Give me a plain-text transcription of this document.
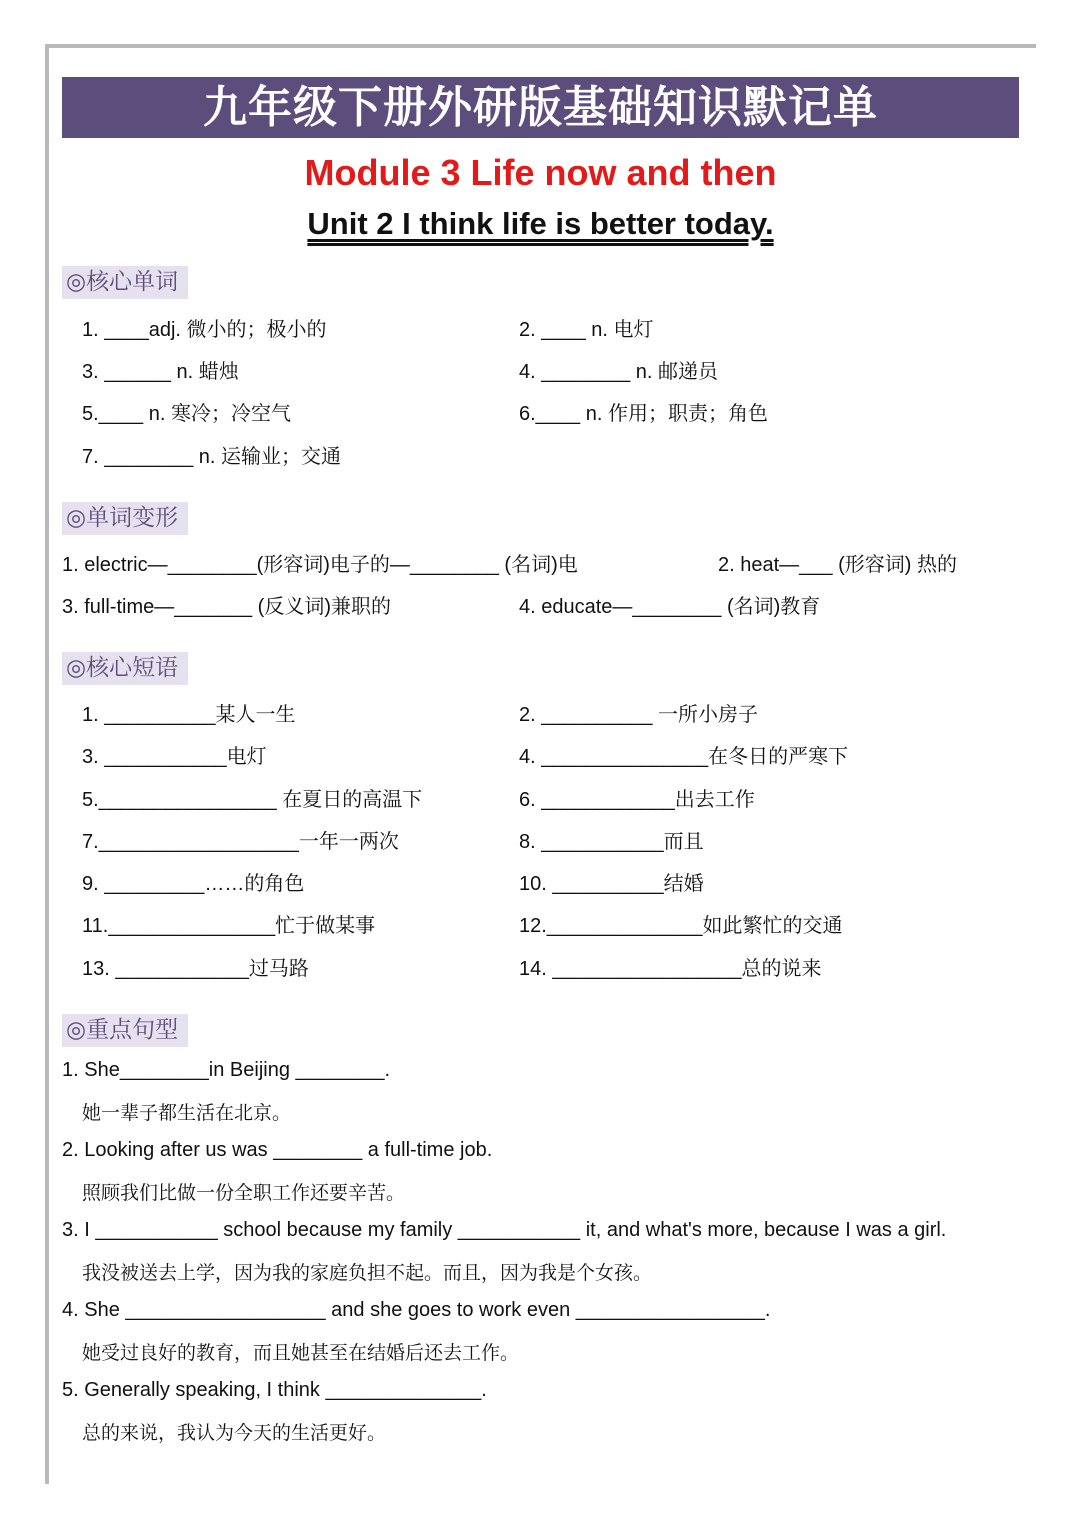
九年级下册外研版基础知识默记单
Module 3 Life now and then
Unit 2 I think life is better today.
◎核心单词
1. ____adj. 微小的；极小的	2. ____ n. 电灯
3. ______ n. 蜡烛	4. ________ n. 邮递员
5.____ n. 寒冷；冷空气	6.____ n. 作用；职责；角色
7. ________ n. 运输业；交通
◎单词变形
1. electric—________(形容词)电子的—________ (名词)电	2. heat—___ (形容词) 热的
3. full-time—_______ (反义词)兼职的	4. educate—________ (名词)教育
◎核心短语
1. __________某人一生	2. __________ 一所小房子
3. ___________电灯	4. _______________在冬日的严寒下
5.________________ 在夏日的高温下	6. ____________出去工作
7.__________________一年一两次	8. ___________而且
9. _________……的角色	10. __________结婚
11._______________忙于做某事	12.______________如此繁忙的交通
13. ____________过马路	14. _________________总的说来
◎重点句型
1. She________in Beijing ________.
她一辈子都生活在北京。
2. Looking after us was ________ a full-time job.
照顾我们比做一份全职工作还要辛苦。
3. I ___________ school because my family ___________ it, and what's more, because I was a girl.
我没被送去上学，因为我的家庭负担不起。而且，因为我是个女孩。
4. She __________________ and she goes to work even _________________.
她受过良好的教育，而且她甚至在结婚后还去工作。
5. Generally speaking, I think ______________.
总的来说，我认为今天的生活更好。
